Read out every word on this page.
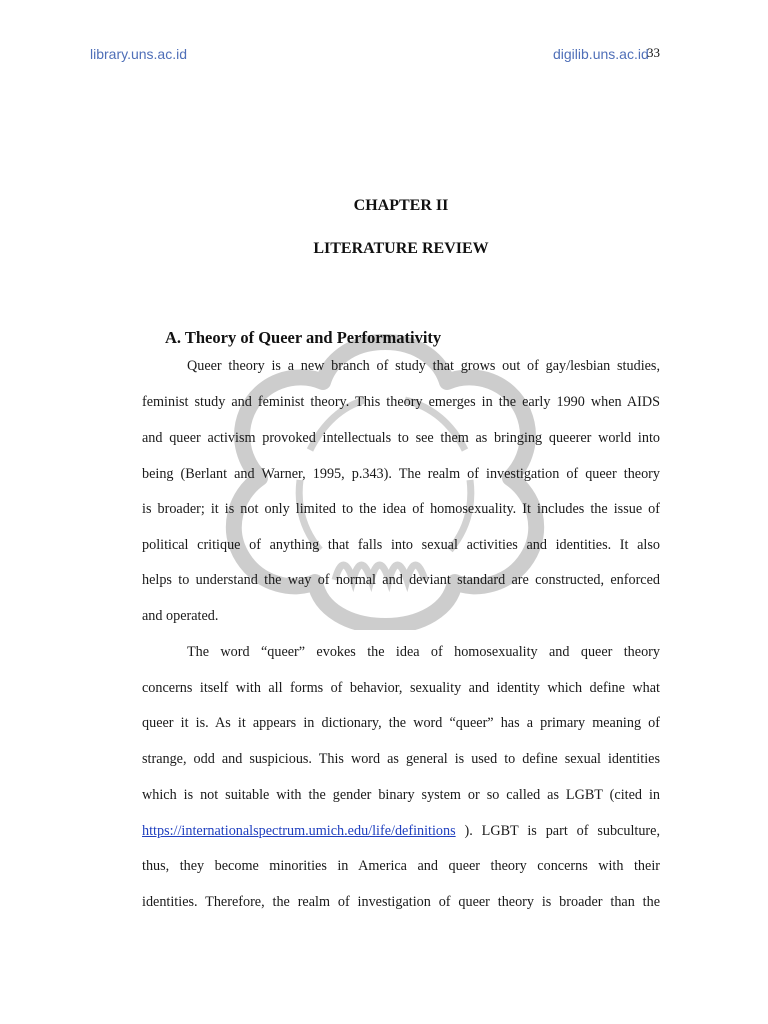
library.uns.ac.id	digilib.uns.ac.id
33
CHAPTER II
LITERATURE REVIEW
A. Theory of Queer and Performativity
Queer theory is a new branch of study that grows out of gay/lesbian studies,
feminist study and feminist theory. This theory emerges in the early 1990 when AIDS
and queer activism provoked intellectuals to see them as bringing queerer world into
being (Berlant and Warner, 1995, p.343). The realm of investigation of queer theory
is broader; it is not only limited to the idea of homosexuality. It includes the issue of
political critique of anything that falls into sexual activities and identities. It also
helps to understand the way of normal and deviant standard are constructed, enforced
and operated.
The word “queer” evokes the idea of homosexuality and queer theory
concerns itself with all forms of behavior, sexuality and identity which define what
queer it is. As it appears in dictionary, the word “queer” has a primary meaning of
strange, odd and suspicious. This word as general is used to define sexual identities
which is not suitable with the gender binary system or so called as LGBT (cited in
https://internationalspectrum.umich.edu/life/definitions ). LGBT is part of subculture,
thus, they become minorities in America and queer theory concerns with their
identities. Therefore, the realm of investigation of queer theory is broader than the
